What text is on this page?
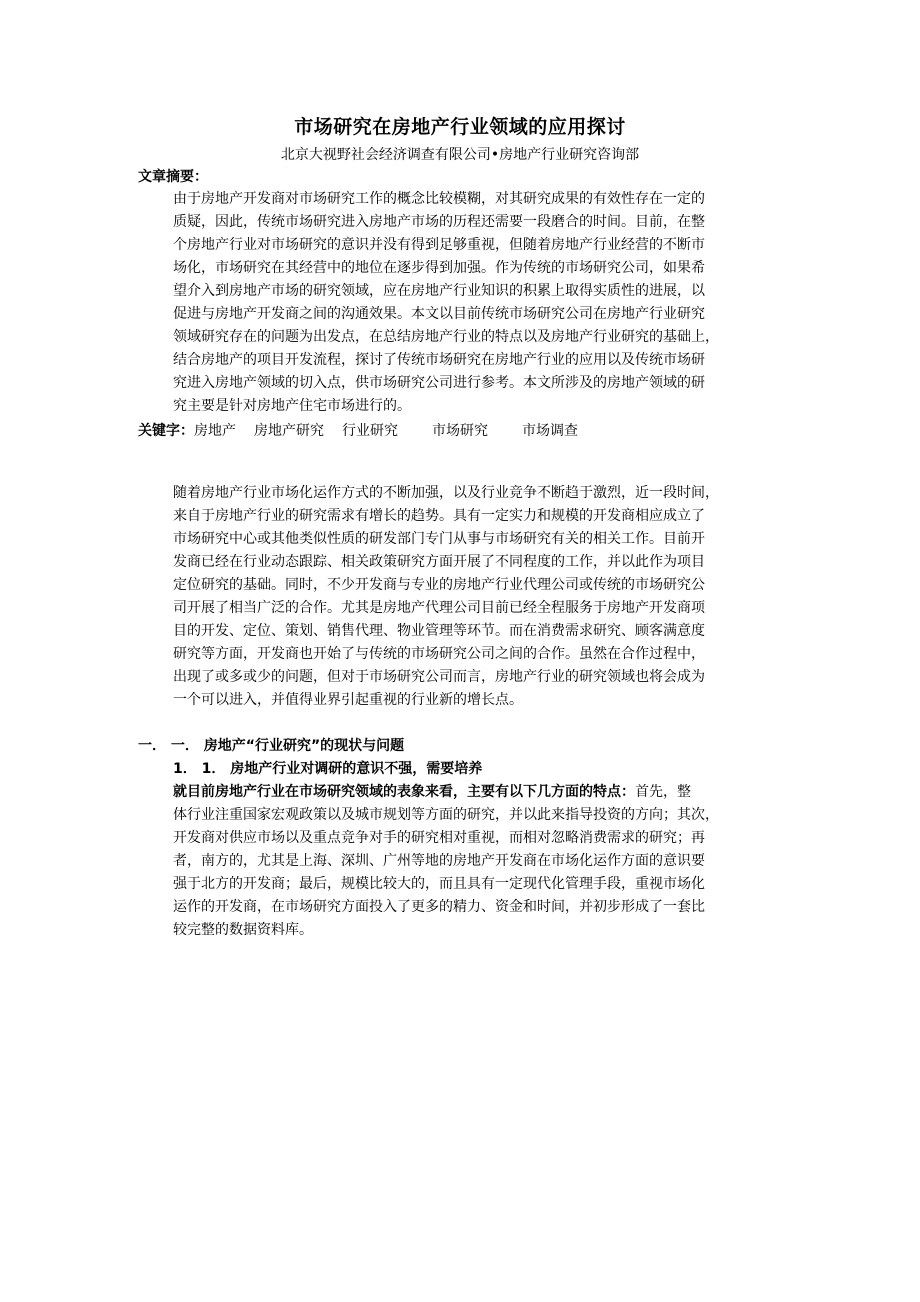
市场研究在房地产行业领域的应用探讨
北京大视野社会经济调查有限公司•房地产行业研究咨询部
文章摘要：
由于房地产开发商对市场研究工作的概念比较模糊，对其研究成果的有效性存在一定的
质疑，因此，传统市场研究进入房地产市场的历程还需要一段磨合的时间。目前，在整
个房地产行业对市场研究的意识并没有得到足够重视，但随着房地产行业经营的不断市
场化，市场研究在其经营中的地位在逐步得到加强。作为传统的市场研究公司，如果希
望介入到房地产市场的研究领域，应在房地产行业知识的积累上取得实质性的进展，以
促进与房地产开发商之间的沟通效果。本文以目前传统市场研究公司在房地产行业研究
领域研究存在的问题为出发点，在总结房地产行业的特点以及房地产行业研究的基础上，
结合房地产的项目开发流程，探讨了传统市场研究在房地产行业的应用以及传统市场研
究进入房地产领域的切入点，供市场研究公司进行参考。本文所涉及的房地产领域的研
究主要是针对房地产住宅市场进行的。
关键字：房地产 房地产研究 行业研究 市场研究 市场调查
随着房地产行业市场化运作方式的不断加强，以及行业竞争不断趋于激烈，近一段时间，
来自于房地产行业的研究需求有增长的趋势。具有一定实力和规模的开发商相应成立了
市场研究中心或其他类似性质的研发部门专门从事与市场研究有关的相关工作。目前开
发商已经在行业动态跟踪、相关政策研究方面开展了不同程度的工作，并以此作为项目
定位研究的基础。同时，不少开发商与专业的房地产行业代理公司或传统的市场研究公
司开展了相当广泛的合作。尤其是房地产代理公司目前已经全程服务于房地产开发商项
目的开发、定位、策划、销售代理、物业管理等环节。而在消费需求研究、顾客满意度
研究等方面，开发商也开始了与传统的市场研究公司之间的合作。虽然在合作过程中，
出现了或多或少的问题，但对于市场研究公司而言，房地产行业的研究领域也将会成为
一个可以进入，并值得业界引起重视的行业新的增长点。
一． 一． 房地产“行业研究”的现状与问题
1． 1． 房地产行业对调研的意识不强，需要培养
就目前房地产行业在市场研究领域的表象来看，主要有以下几方面的特点：首先，整
体行业注重国家宏观政策以及城市规划等方面的研究，并以此来指导投资的方向；其次，
开发商对供应市场以及重点竞争对手的研究相对重视，而相对忽略消费需求的研究；再
者，南方的，尤其是上海、深圳、广州等地的房地产开发商在市场化运作方面的意识要
强于北方的开发商；最后，规模比较大的，而且具有一定现代化管理手段，重视市场化
运作的开发商，在市场研究方面投入了更多的精力、资金和时间，并初步形成了一套比
较完整的数据资料库。
